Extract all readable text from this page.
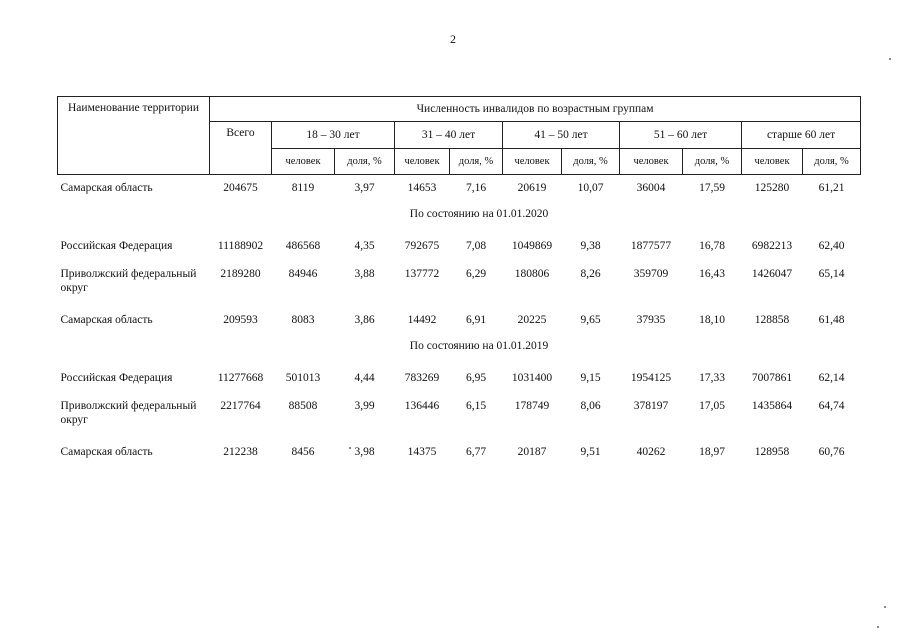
2
Наименование территории	Численность инвалидов по возрастным группам										
	Всего	18 – 30 лет		31 – 40 лет		41 – 50 лет		51 – 60 лет		старше 60 лет	
		человек	доля, %	человек	доля, %	человек	доля, %	человек	доля, %	человек	доля, %
Самарская область	204675	8119	3,97	14653	7,16	20619	10,07	36004	17,59	125280	61,21
По состоянию на 01.01.2020											
Российская Федерация	11188902	486568	4,35	792675	7,08	1049869	9,38	1877577	16,78	6982213	62,40
Приволжский федеральный округ	2189280	84946	3,88	137772	6,29	180806	8,26	359709	16,43	1426047	65,14
Самарская область	209593	8083	3,86	14492	6,91	20225	9,65	37935	18,10	128858	61,48
По состоянию на 01.01.2019											
Российская Федерация	11277668	501013	4,44	783269	6,95	1031400	9,15	1954125	17,33	7007861	62,14
Приволжский федеральный округ	2217764	88508	3,99	136446	6,15	178749	8,06	378197	17,05	1435864	64,74
Самарская область	212238	8456	3,98	14375	6,77	20187	9,51	40262	18,97	128958	60,76
